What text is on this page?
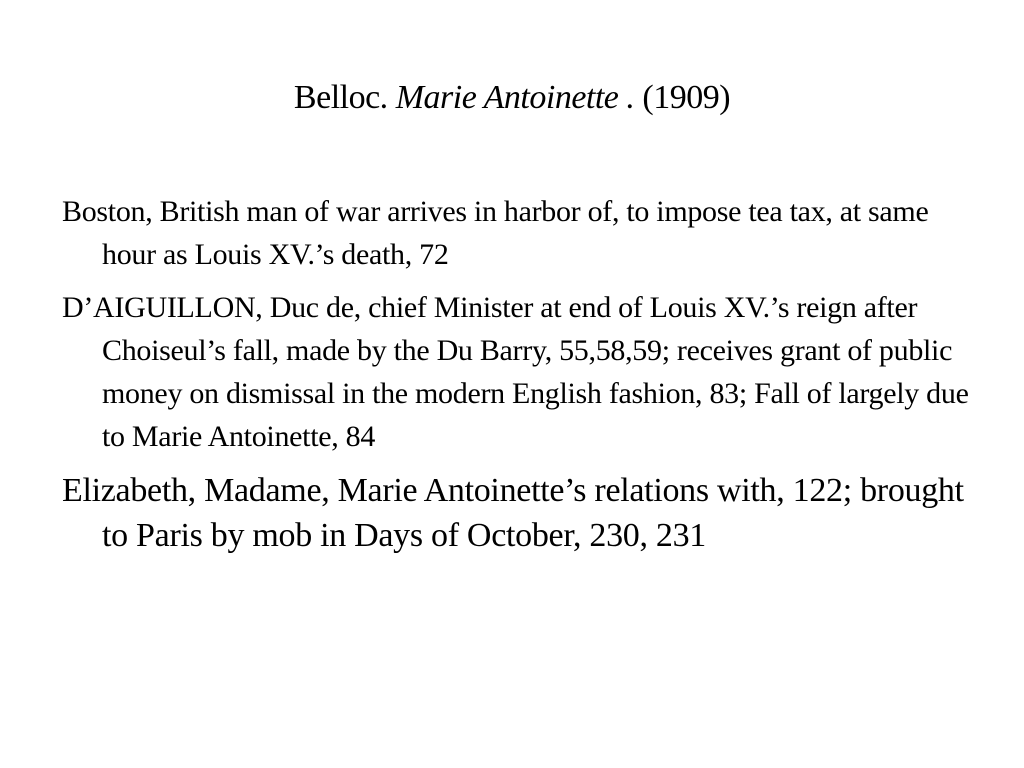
Belloc. Marie Antoinette . (1909)

Boston, British man of war arrives in harbor of, to impose tea tax, at same hour as Louis XV.’s death, 72

D’AIGUILLON, Duc de, chief Minister at end of Louis XV.’s reign after Choiseul’s fall, made by the Du Barry, 55,58,59; receives grant of public money on dismissal in the modern English fashion, 83; Fall of largely due to Marie Antoinette, 84

Elizabeth, Madame, Marie Antoinette’s relations with, 122; brought to Paris by mob in Days of October, 230, 231
